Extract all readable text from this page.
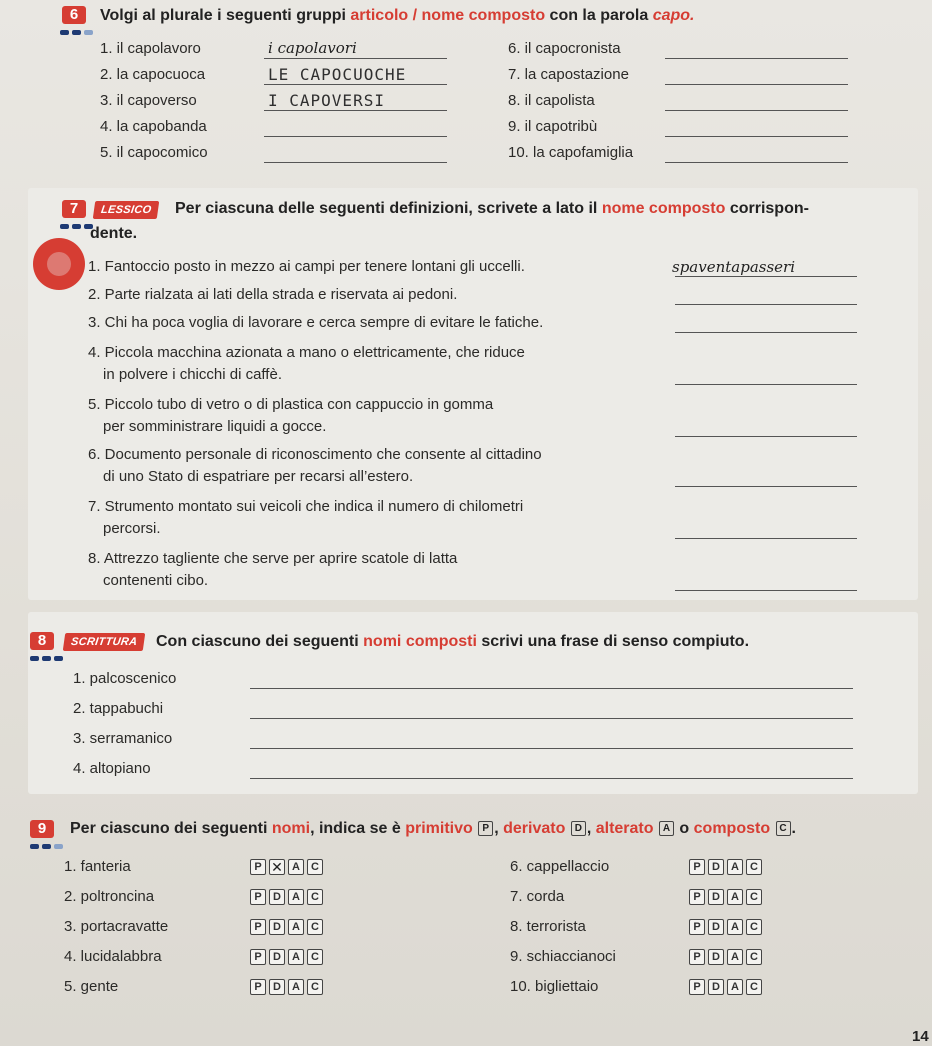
6	Volgi al plurale i seguenti gruppi articolo / nome composto con la parola capo.
1. il capolavoro	i capolavori
2. la capocuoca	LE CAPOCUOCHE
3. il capoverso	I CAPOVERSI
4. la capobanda
5. il capocomico
6. il capocronista
7. la capostazione
8. il capolista
9. il capotribù
10. la capofamiglia
7	LESSICO	Per ciascuna delle seguenti definizioni, scrivete a lato il nome composto corrispon-
dente.
1. Fantoccio posto in mezzo ai campi per tenere lontani gli uccelli.	spaventapasseri
2. Parte rialzata ai lati della strada e riservata ai pedoni.
3. Chi ha poca voglia di lavorare e cerca sempre di evitare le fatiche.
4. Piccola macchina azionata a mano o elettricamente, che riduce
in polvere i chicchi di caffè.
5. Piccolo tubo di vetro o di plastica con cappuccio in gomma
per somministrare liquidi a gocce.
6. Documento personale di riconoscimento che consente al cittadino
di uno Stato di espatriare per recarsi all’estero.
7. Strumento montato sui veicoli che indica il numero di chilometri
percorsi.
8. Attrezzo tagliente che serve per aprire scatole di latta
contenenti cibo.
8	SCRITTURA	Con ciascuno dei seguenti nomi composti scrivi una frase di senso compiuto.
1. palcoscenico
2. tappabuchi
3. serramanico
4. altopiano
9	Per ciascuno dei seguenti nomi, indica se è primitivo P , derivato D , alterato A o composto C .
1. fanteria	P
✕	A	C
2. poltroncina	P	D	A	C
3. portacravatte	P	D	A	C
4. lucidalabbra	P	D	A	C
5. gente	P	D	A	C
6. cappellaccio	P	D	A	C
7. corda	P	D	A	C
8. terrorista	P	D	A	C
9. schiaccianoci	P	D	A	C
10. bigliettaio	P	D	A	C
14
